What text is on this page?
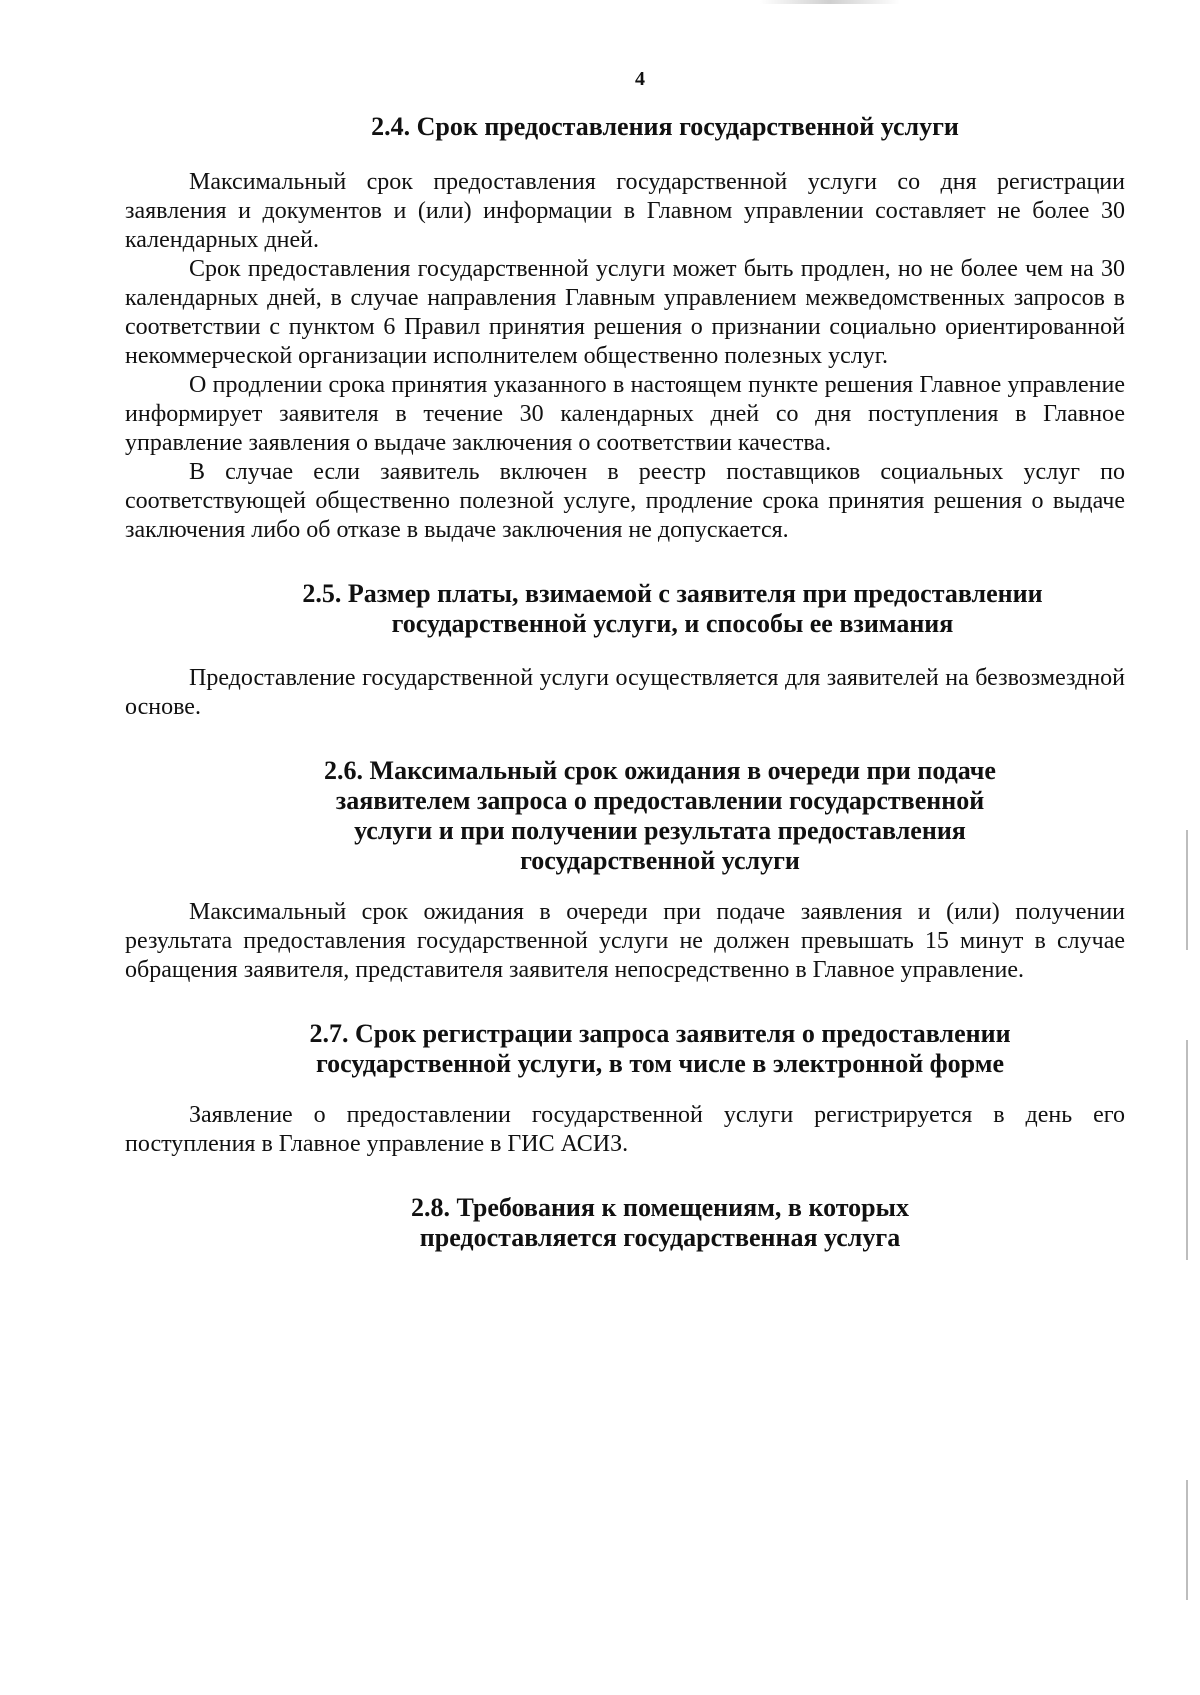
4
2.4. Срок предоставления государственной услуги

Максимальный срок предоставления государственной услуги со дня регистрации заявления и документов и (или) информации в Главном управлении составляет не более 30 календарных дней.

Срок предоставления государственной услуги может быть продлен, но не более чем на 30 календарных дней, в случае направления Главным управлением межведомственных запросов в соответствии с пунктом 6 Правил принятия решения о признании социально ориентированной некоммерческой организации исполнителем общественно полезных услуг.

О продлении срока принятия указанного в настоящем пункте решения Главное управление информирует заявителя в течение 30 календарных дней со дня поступления в Главное управление заявления о выдаче заключения о соответствии качества.

В случае если заявитель включен в реестр поставщиков социальных услуг по соответствующей общественно полезной услуге, продление срока принятия решения о выдаче заключения либо об отказе в выдаче заключения не допускается.

2.5. Размер платы, взимаемой с заявителя при предоставлении
государственной услуги, и способы ее взимания

Предоставление государственной услуги осуществляется для заявителей на безвозмездной основе.

2.6. Максимальный срок ожидания в очереди при подаче
заявителем запроса о предоставлении государственной
услуги и при получении результата предоставления
государственной услуги

Максимальный срок ожидания в очереди при подаче заявления и (или) получении результата предоставления государственной услуги не должен превышать 15 минут в случае обращения заявителя, представителя заявителя непосредственно в Главное управление.

2.7. Срок регистрации запроса заявителя о предоставлении
государственной услуги, в том числе в электронной форме

Заявление о предоставлении государственной услуги регистрируется в день его поступления в Главное управление в ГИС АСИЗ.

2.8. Требования к помещениям, в которых
предоставляется государственная услуга
